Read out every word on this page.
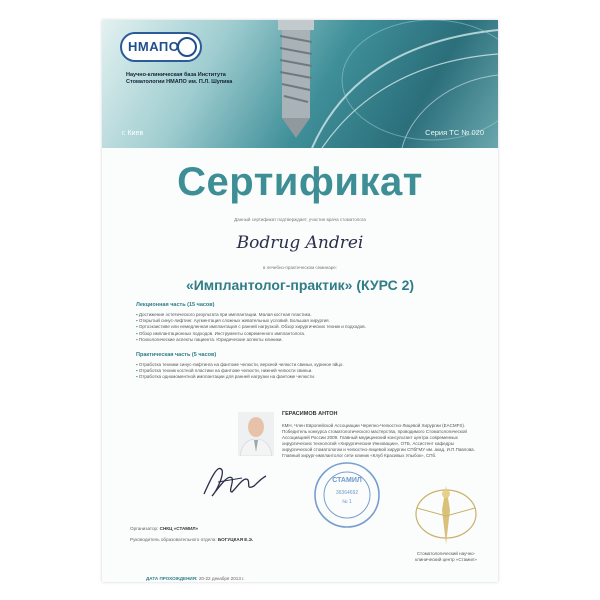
НМАПО
Научно-клиническая база Института Стоматологии НМАПО им. П.Л. Шупика
г. Киев	Серия ТС № 020
Сертификат
Данный сертификат подтверждает, участие врача стоматолога
Bodrug Andrei
в лечебно-практическом семинаре:
«Имплантолог-практик» (КУРС 2)
Лекционная часть (15 часов)
▪ Достижение эстетического результата при имплантации. Малая костная пластика.
▪ Открытый синус-лифтинг. Аугментация сложных жевательных условий. Большая хирургия.
▪ Ортоэкзистиве или немедленная имплантация с ранней нагрузкой. Обзор хирургических техник и подходов.
▪ Обзор имплантационных подходов. Инструменты современного имплантолога.
▪ Психологические аспекты пациента. Юридические аспекты клиники.
Практическая часть (5 часов)
▪ Отработка техники синус-лифтинга на фантоме челюсти, верхней челюсти свиньи, куриное яйцо.
▪ Отработка техник костной пластики на фантоме челюсти, нижней челюсти свиньи.
▪ Отработка одномоментной имплантации для ранней нагрузки на фантоме челюсти.
ГЕРАСИМОВ АНТОН
КМН, Член Европейской Ассоциации Черепно-Челюстно-Лицевой Хирургии (EACMFS). Победитель конкурса стоматологического мастерства, проводимого Стоматологической Ассоциацией России 2009. Главный медицинский консультант центра современных хирургических технологий «Хирургические Инновации», ОТБ, Ассистент кафедры хирургической стоматологии и челюстно-лицевой хирургии СПбГМУ им. акад. И.П.Павлова. Главный хирург-имплантолог сети клиник «Клуб Красивых Улыбок», СПб.
СТАМИЛ
36364692
№ 1
Стоматологический научно-клинический центр «Стамил»
Организатор: СНКЦ «СТАМИЛ»
Руководитель образовательного отдела: БОГУЦКАЯ Е.Э.
ДАТА ПРОХОЖДЕНИЯ: 20-22 декабря 2013 г.
